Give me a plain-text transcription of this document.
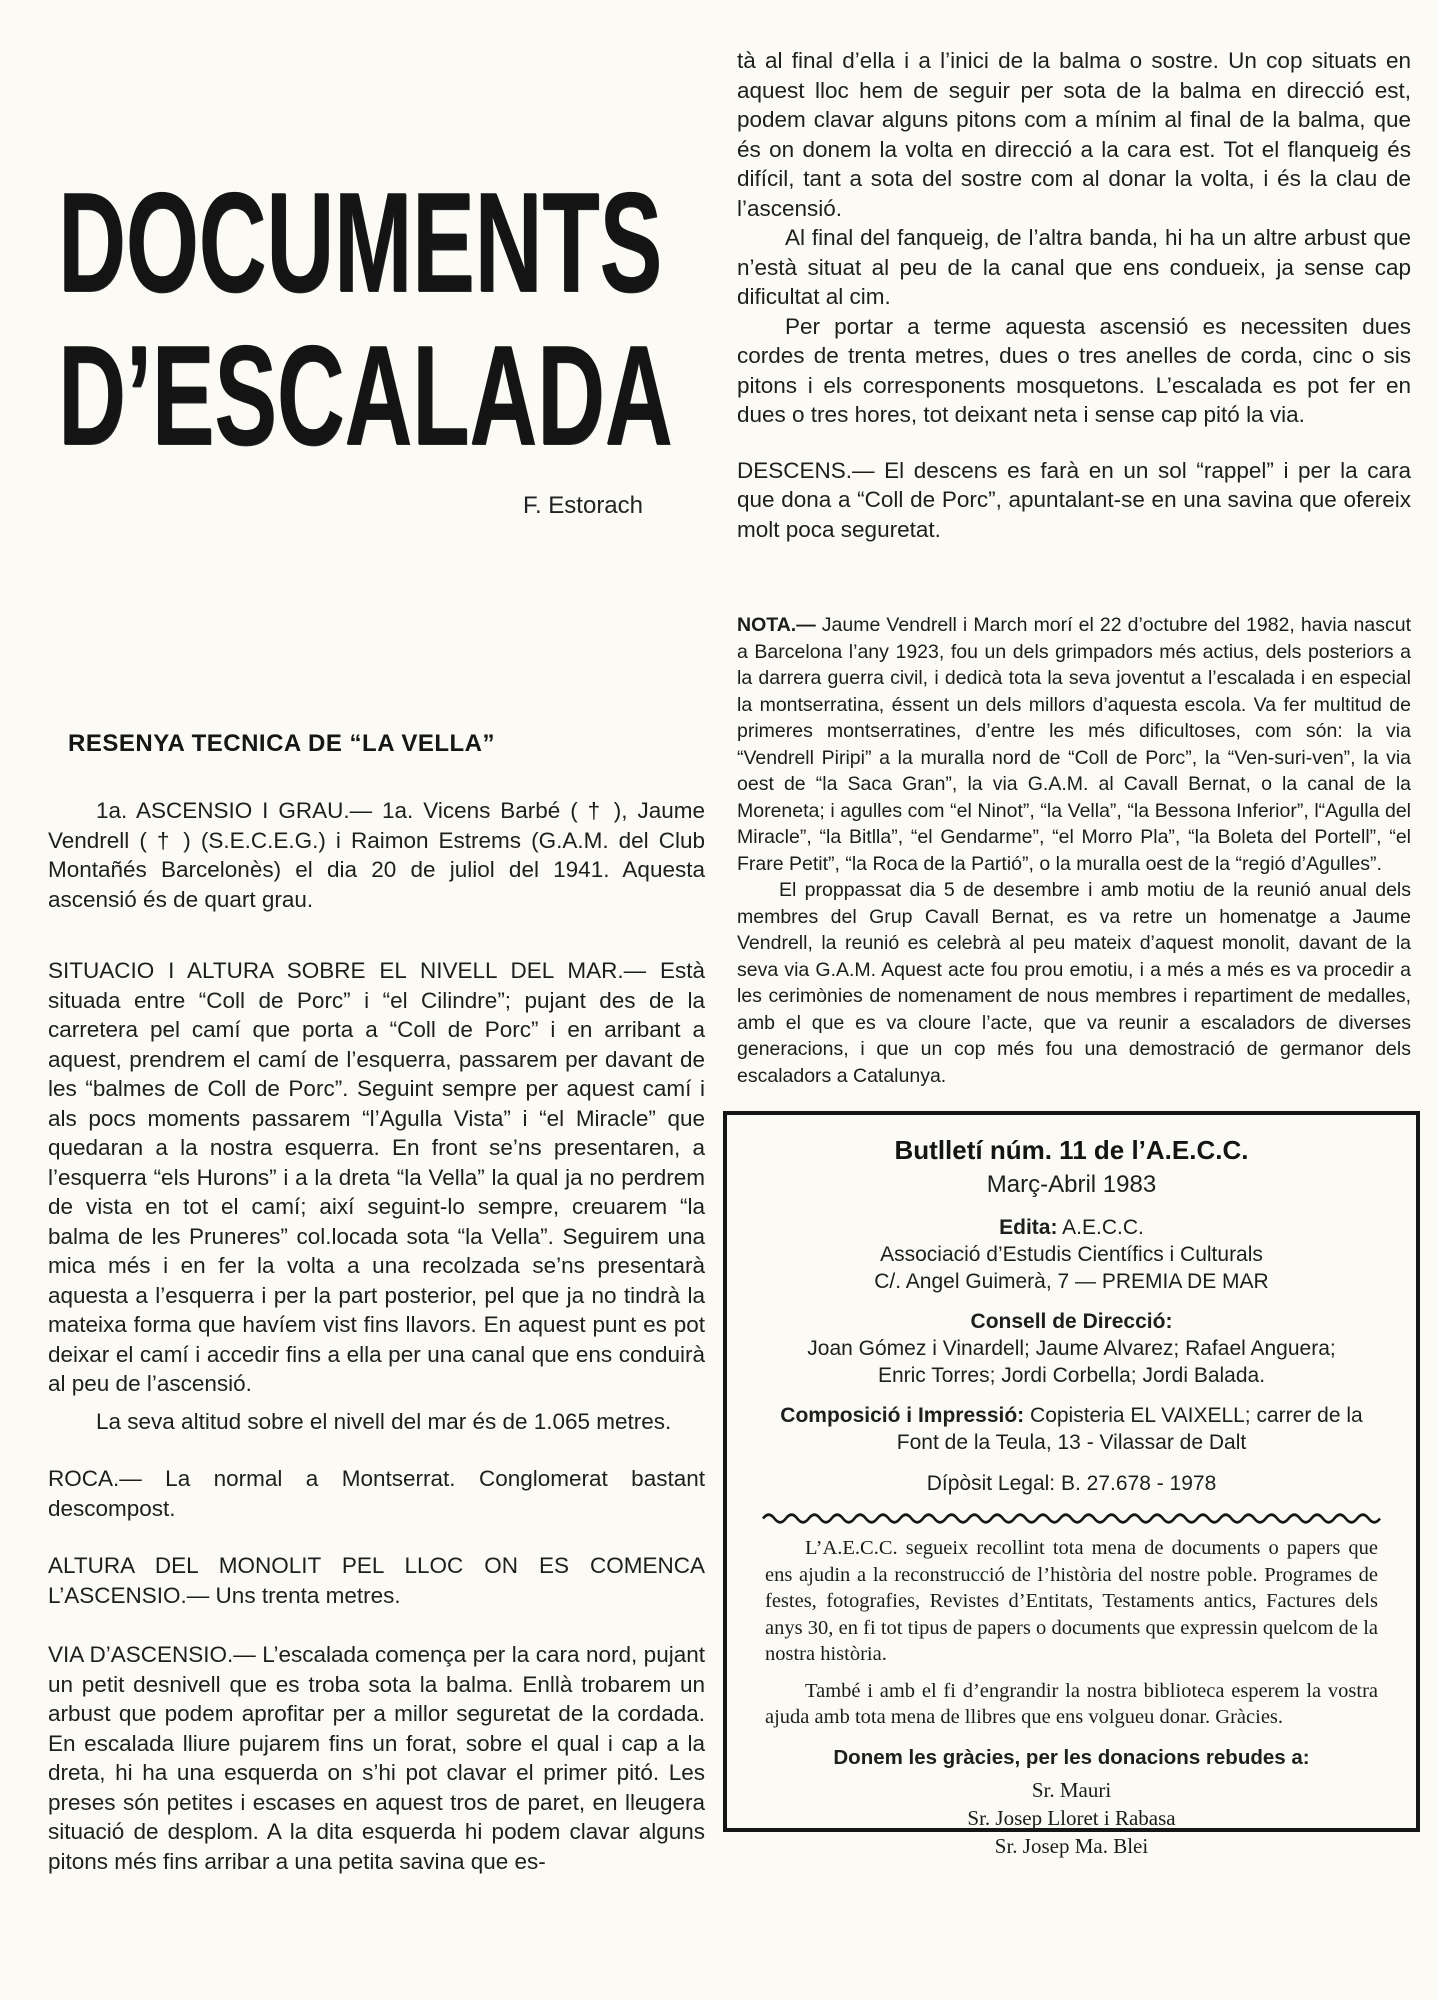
DOCUMENTS
D’ESCALADA
F. Estorach
RESENYA TECNICA DE “LA VELLA”

1a. ASCENSIO I GRAU.— 1a. Vicens Barbé ( † ), Jaume Vendrell ( † ) (S.E.C.E.G.) i Raimon Estrems (G.A.M. del Club Montañés Barcelonès) el dia 20 de juliol del 1941. Aquesta ascensió és de quart grau.

SITUACIO I ALTURA SOBRE EL NIVELL DEL MAR.— Està situada entre “Coll de Porc” i “el Cilindre”; pujant des de la carretera pel camí que porta a “Coll de Porc” i en arribant a aquest, prendrem el camí de l’esquerra, passarem per davant de les “balmes de Coll de Porc”. Seguint sempre per aquest camí i als pocs moments passarem “l’Agulla Vista” i “el Miracle” que quedaran a la nostra esquerra. En front se’ns presentaren, a l’esquerra “els Hurons” i a la dreta “la Vella” la qual ja no perdrem de vista en tot el camí; així seguint-lo sempre, creuarem “la balma de les Pruneres” col.locada sota “la Vella”. Seguirem una mica més i en fer la volta a una recolzada se’ns presentarà aquesta a l’esquerra i per la part posterior, pel que ja no tindrà la mateixa forma que havíem vist fins llavors. En aquest punt es pot deixar el camí i accedir fins a ella per una canal que ens conduirà al peu de l’ascensió.

La seva altitud sobre el nivell del mar és de 1.065 metres.

ROCA.— La normal a Montserrat. Conglomerat bastant descompost.

ALTURA DEL MONOLIT PEL LLOC ON ES COMENCA L’ASCENSIO.— Uns trenta metres.

VIA D’ASCENSIO.— L’escalada comença per la cara nord, pujant un petit desnivell que es troba sota la balma. Enllà trobarem un arbust que podem aprofitar per a millor seguretat de la cordada. En escalada lliure pujarem fins un forat, sobre el qual i cap a la dreta, hi ha una esquerda on s’hi pot clavar el primer pitó. Les preses són petites i escases en aquest tros de paret, en lleugera situació de desplom. A la dita esquerda hi podem clavar alguns pitons més fins arribar a una petita savina que es-

tà al final d’ella i a l’inici de la balma o sostre. Un cop situats en aquest lloc hem de seguir per sota de la balma en direcció est, podem clavar alguns pitons com a mínim al final de la balma, que és on donem la volta en direcció a la cara est. Tot el flanqueig és difícil, tant a sota del sostre com al donar la volta, i és la clau de l’ascensió.

Al final del fanqueig, de l’altra banda, hi ha un altre arbust que n’està situat al peu de la canal que ens condueix, ja sense cap dificultat al cim.

Per portar a terme aquesta ascensió es necessiten dues cordes de trenta metres, dues o tres anelles de corda, cinc o sis pitons i els corresponents mosquetons. L’escalada es pot fer en dues o tres hores, tot deixant neta i sense cap pitó la via.

DESCENS.— El descens es farà en un sol “rappel” i per la cara que dona a “Coll de Porc”, apuntalant-se en una savina que ofereix molt poca seguretat.

NOTA.— Jaume Vendrell i March morí el 22 d’octubre del 1982, havia nascut a Barcelona l’any 1923, fou un dels grimpadors més actius, dels posteriors a la darrera guerra civil, i dedicà tota la seva joventut a l’escalada i en especial la montserratina, éssent un dels millors d’aquesta escola. Va fer multitud de primeres montserratines, d’entre les més dificultoses, com són: la via “Vendrell Piripi” a la muralla nord de “Coll de Porc”, la “Ven-suri-ven”, la via oest de “la Saca Gran”, la via G.A.M. al Cavall Bernat, o la canal de la Moreneta; i agulles com “el Ninot”, “la Vella”, “la Bessona Inferior”, l“Agulla del Miracle”, “la Bitlla”, “el Gendarme”, “el Morro Pla”, “la Boleta del Portell”, “el Frare Petit”, “la Roca de la Partió”, o la muralla oest de la “regió d’Agulles”.

El proppassat dia 5 de desembre i amb motiu de la reunió anual dels membres del Grup Cavall Bernat, es va retre un homenatge a Jaume Vendrell, la reunió es celebrà al peu mateix d’aquest monolit, davant de la seva via G.A.M. Aquest acte fou prou emotiu, i a més a més es va procedir a les cerimònies de nomenament de nous membres i repartiment de medalles, amb el que es va cloure l’acte, que va reunir a escaladors de diverses generacions, i que un cop més fou una demostració de germanor dels escaladors a Catalunya.

Butlletí núm. 11 de l’A.E.C.C.

Març-Abril 1983

Edita: A.E.C.C.

Associació d’Estudis Científics i Culturals

C/. Angel Guimerà, 7 — PREMIA DE MAR

Consell de Direcció:

Joan Gómez i Vinardell; Jaume Alvarez; Rafael Anguera;

Enric Torres; Jordi Corbella; Jordi Balada.

Composició i Impressió: Copisteria EL VAIXELL; carrer de la Font de la Teula, 13 - Vilassar de Dalt

Dípòsit Legal: B. 27.678 - 1978

L’A.E.C.C. segueix recollint tota mena de documents o papers que ens ajudin a la reconstrucció de l’història del nostre poble. Programes de festes, fotografies, Revistes d’Entitats, Testaments antics, Factures dels anys 30, en fi tot tipus de papers o documents que expressin quelcom de la nostra història.

També i amb el fi d’engrandir la nostra biblioteca esperem la vostra ajuda amb tota mena de llibres que ens volgueu donar. Gràcies.

Donem les gràcies, per les donacions rebudes a:

Sr. Mauri
Sr. Josep Lloret i Rabasa
Sr. Josep Ma. Blei
